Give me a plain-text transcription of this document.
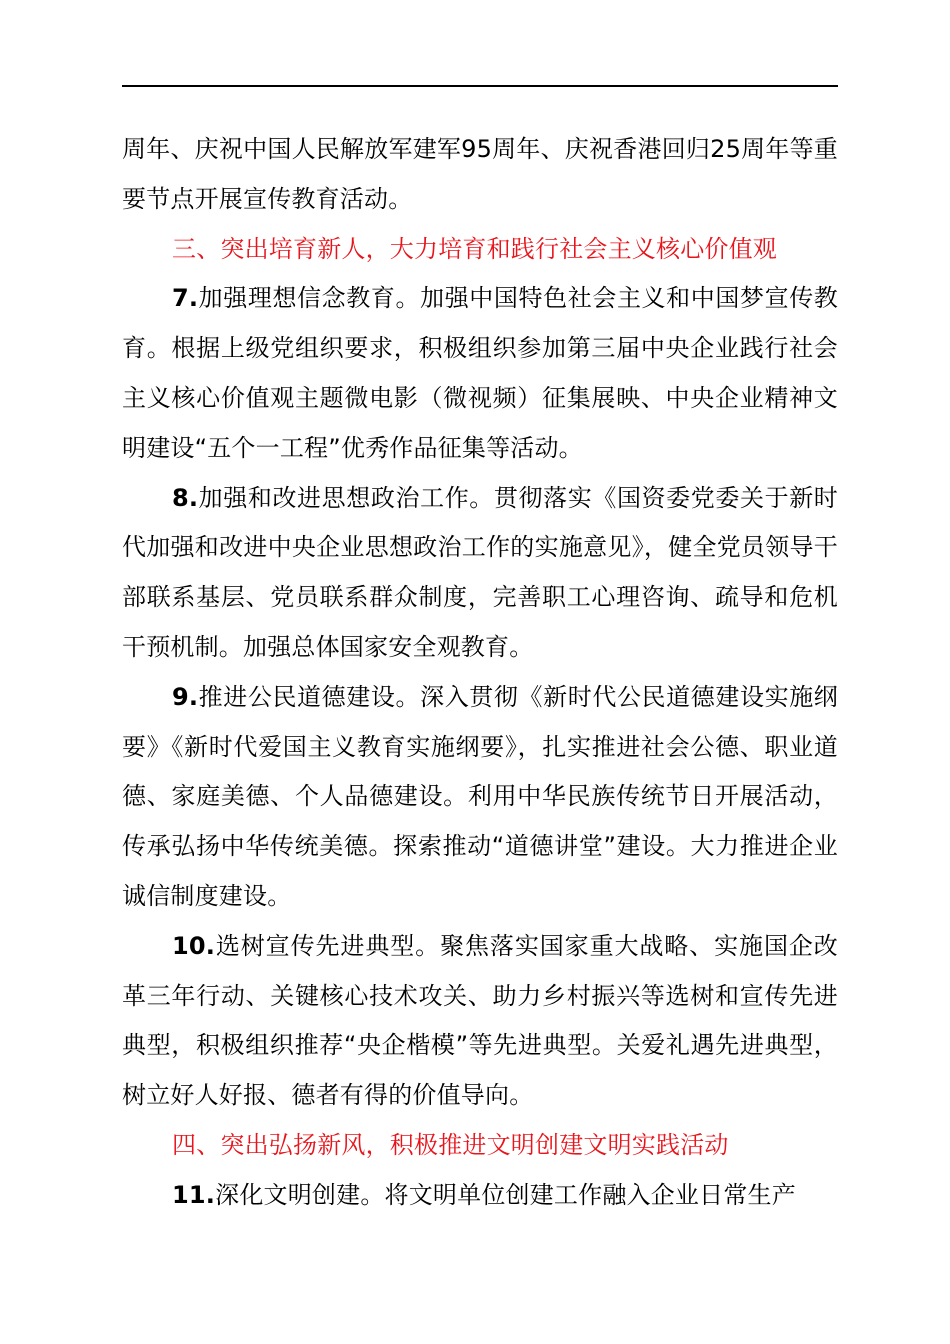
周年、庆祝中国人民解放军建军95周年、庆祝香港回归25周年等重要节点开展宣传教育活动。

三、突出培育新人，大力培育和践行社会主义核心价值观

7.加强理想信念教育。加强中国特色社会主义和中国梦宣传教育。根据上级党组织要求，积极组织参加第三届中央企业践行社会主义核心价值观主题微电影（微视频）征集展映、中央企业精神文明建设“五个一工程”优秀作品征集等活动。

8.加强和改进思想政治工作。贯彻落实《国资委党委关于新时代加强和改进中央企业思想政治工作的实施意见》，健全党员领导干部联系基层、党员联系群众制度，完善职工心理咨询、疏导和危机干预机制。加强总体国家安全观教育。

9.推进公民道德建设。深入贯彻《新时代公民道德建设实施纲要》《新时代爱国主义教育实施纲要》，扎实推进社会公德、职业道德、家庭美德、个人品德建设。利用中华民族传统节日开展活动，传承弘扬中华传统美德。探索推动“道德讲堂”建设。大力推进企业诚信制度建设。

10.选树宣传先进典型。聚焦落实国家重大战略、实施国企改革三年行动、关键核心技术攻关、助力乡村振兴等选树和宣传先进典型，积极组织推荐“央企楷模”等先进典型。关爱礼遇先进典型，树立好人好报、德者有得的价值导向。

四、突出弘扬新风，积极推进文明创建文明实践活动

11.深化文明创建。将文明单位创建工作融入企业日常生产
